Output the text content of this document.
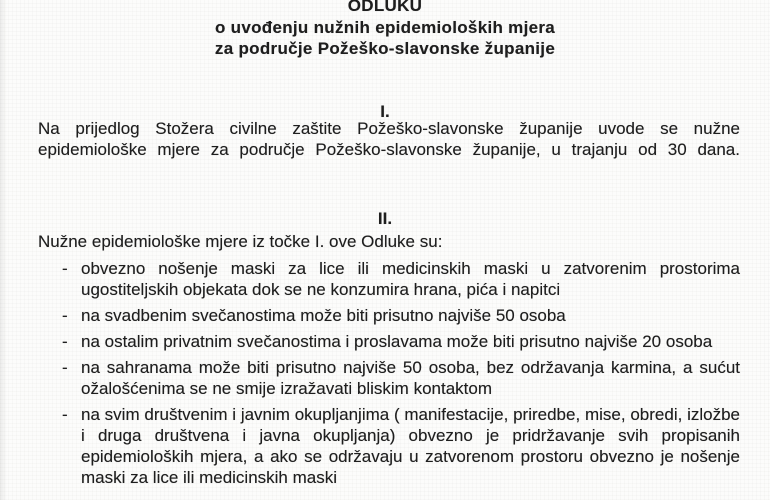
ODLUKU
o uvođenju nužnih epidemioloških mjera
za područje Požeško-slavonske županije
I.
Na prijedlog Stožera civilne zaštite Požeško-slavonske županije uvode se nužne
epidemiološke mjere za područje Požeško-slavonske županije, u trajanju od 30 dana.
II.
Nužne epidemiološke mjere iz točke I. ove Odluke su:
- obvezno nošenje maski za lice ili medicinskih maski u zatvorenim prostorima ugostiteljskih objekata dok se ne konzumira hrana, pića i napitci
- na svadbenim svečanostima može biti prisutno najviše 50 osoba
- na ostalim privatnim svečanostima i proslavama može biti prisutno najviše 20 osoba
- na sahranama može biti prisutno najviše 50 osoba, bez održavanja karmina, a sućut ožalošćenima se ne smije izražavati bliskim kontaktom
- na svim društvenim i javnim okupljanjima ( manifestacije, priredbe, mise, obredi, izložbe i druga društvena i javna okupljanja) obvezno je pridržavanje svih propisanih epidemioloških mjera, a ako se održavaju u zatvorenom prostoru obvezno je nošenje maski za lice ili medicinskih maski
